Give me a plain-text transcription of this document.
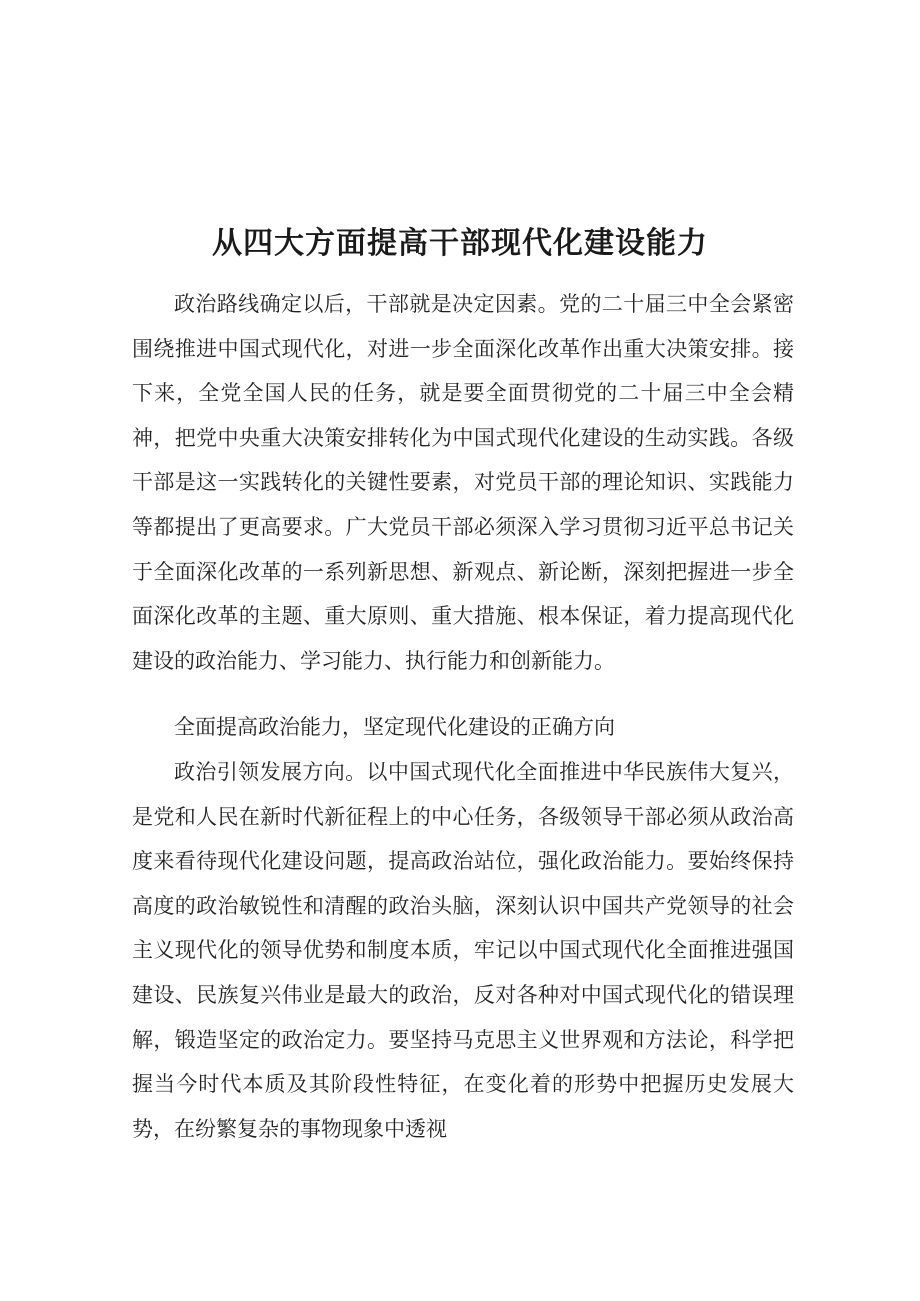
从四大方面提高干部现代化建设能力

政治路线确定以后，干部就是决定因素。党的二十届三中全会紧密围绕推进中国式现代化，对进一步全面深化改革作出重大决策安排。接下来，全党全国人民的任务，就是要全面贯彻党的二十届三中全会精神，把党中央重大决策安排转化为中国式现代化建设的生动实践。各级干部是这一实践转化的关键性要素，对党员干部的理论知识、实践能力等都提出了更高要求。广大党员干部必须深入学习贯彻习近平总书记关于全面深化改革的一系列新思想、新观点、新论断，深刻把握进一步全面深化改革的主题、重大原则、重大措施、根本保证，着力提高现代化建设的政治能力、学习能力、执行能力和创新能力。

全面提高政治能力，坚定现代化建设的正确方向

政治引领发展方向。以中国式现代化全面推进中华民族伟大复兴，是党和人民在新时代新征程上的中心任务，各级领导干部必须从政治高度来看待现代化建设问题，提高政治站位，强化政治能力。要始终保持高度的政治敏锐性和清醒的政治头脑，深刻认识中国共产党领导的社会主义现代化的领导优势和制度本质，牢记以中国式现代化全面推进强国建设、民族复兴伟业是最大的政治，反对各种对中国式现代化的错误理解，锻造坚定的政治定力。要坚持马克思主义世界观和方法论，科学把握当今时代本质及其阶段性特征，在变化着的形势中把握历史发展大势，在纷繁复杂的事物现象中透视
